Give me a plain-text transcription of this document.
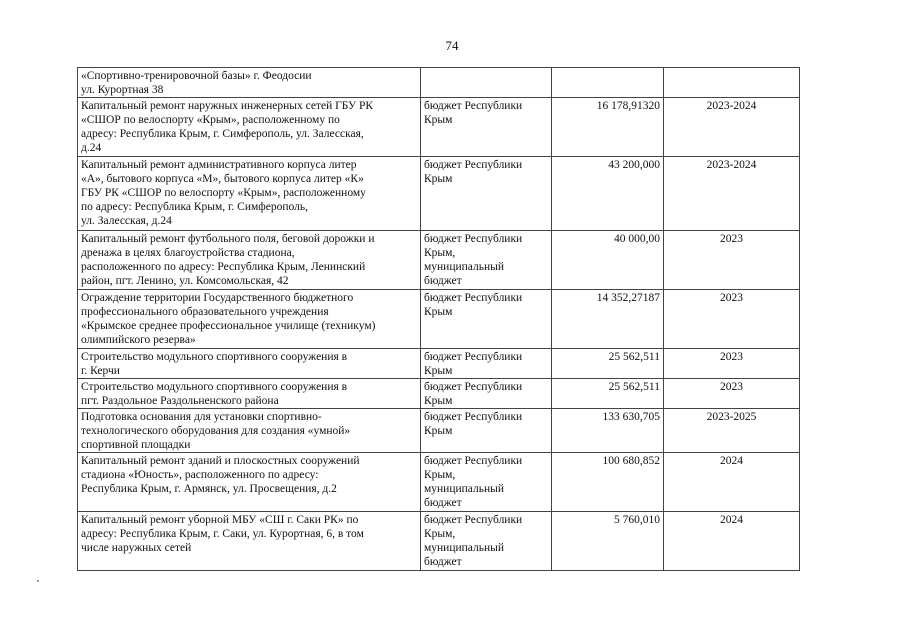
74
«Спортивно-тренировочной базы» г. Феодосии
ул. Курортная 38			

Капитальный ремонт наружных инженерных сетей ГБУ РК
«СШОР по велоспорту «Крым», расположенному по
адресу: Республика Крым, г. Симферополь, ул. Залесская,
д.24	бюджет Республики
Крым	16 178,91320	2023-2024

Капитальный ремонт административного корпуса литер
«А», бытового корпуса «М», бытового корпуса литер «К»
ГБУ РК «СШОР по велоспорту «Крым», расположенному
по адресу: Республика Крым, г. Симферополь,
ул. Залесская, д.24	бюджет Республики
Крым	43 200,000	2023-2024

Капитальный ремонт футбольного поля, беговой дорожки и
дренажа в целях благоустройства стадиона,
расположенного по адресу: Республика Крым, Ленинский
район, пгт. Ленино, ул. Комсомольская, 42	бюджет Республики
Крым,
муниципальный
бюджет	40 000,00	2023

Ограждение территории Государственного бюджетного
профессионального образовательного учреждения
«Крымское среднее профессиональное училище (техникум)
олимпийского резерва»	бюджет Республики
Крым	14 352,27187	2023

Строительство модульного спортивного сооружения в
г. Керчи	бюджет Республики
Крым	25 562,511	2023

Строительство модульного спортивного сооружения в
пгт. Раздольное Раздольненского района	бюджет Республики
Крым	25 562,511	2023

Подготовка основания для установки спортивно-
технологического оборудования для создания «умной»
спортивной площадки	бюджет Республики
Крым	133 630,705	2023-2025

Капитальный ремонт зданий и плоскостных сооружений
стадиона «Юность», расположенного по адресу:
Республика Крым, г. Армянск, ул. Просвещения, д.2	бюджет Республики
Крым,
муниципальный
бюджет	100 680,852	2024

Капитальный ремонт уборной МБУ «СШ г. Саки РК» по
адресу: Республика Крым, г. Саки, ул. Курортная, 6, в том
числе наружных сетей	бюджет Республики
Крым,
муниципальный
бюджет	5 760,010	2024
